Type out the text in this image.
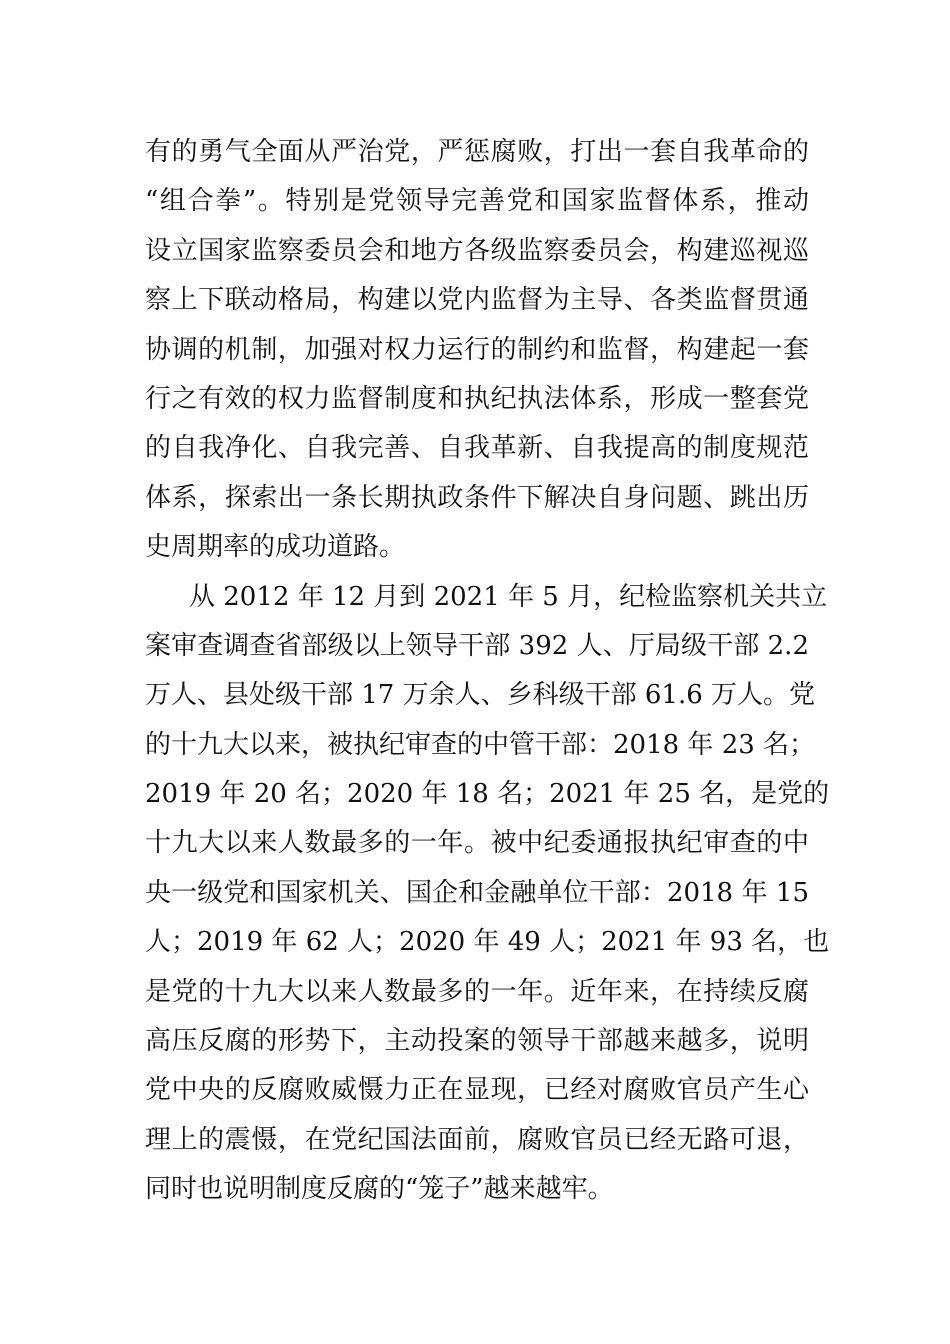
有的勇气全面从严治党，严惩腐败，打出一套自我革命的
“组合拳”。特别是党领导完善党和国家监督体系，推动
设立国家监察委员会和地方各级监察委员会，构建巡视巡
察上下联动格局，构建以党内监督为主导、各类监督贯通
协调的机制，加强对权力运行的制约和监督，构建起一套
行之有效的权力监督制度和执纪执法体系，形成一整套党
的自我净化、自我完善、自我革新、自我提高的制度规范
体系，探索出一条长期执政条件下解决自身问题、跳出历
史周期率的成功道路。
从 2012 年 12 月到 2021 年 5 月，纪检监察机关共立
案审查调查省部级以上领导干部 392 人、厅局级干部 2.2
万人、县处级干部 17 万余人、乡科级干部 61.6 万人。党
的十九大以来，被执纪审查的中管干部：2018 年 23 名；
2019 年 20 名；2020 年 18 名；2021 年 25 名，是党的
十九大以来人数最多的一年。被中纪委通报执纪审查的中
央一级党和国家机关、国企和金融单位干部：2018 年 15
人；2019 年 62 人；2020 年 49 人；2021 年 93 名，也
是党的十九大以来人数最多的一年。近年来，在持续反腐
高压反腐的形势下，主动投案的领导干部越来越多，说明
党中央的反腐败威慑力正在显现，已经对腐败官员产生心
理上的震慑，在党纪国法面前，腐败官员已经无路可退，
同时也说明制度反腐的“笼子”越来越牢。
